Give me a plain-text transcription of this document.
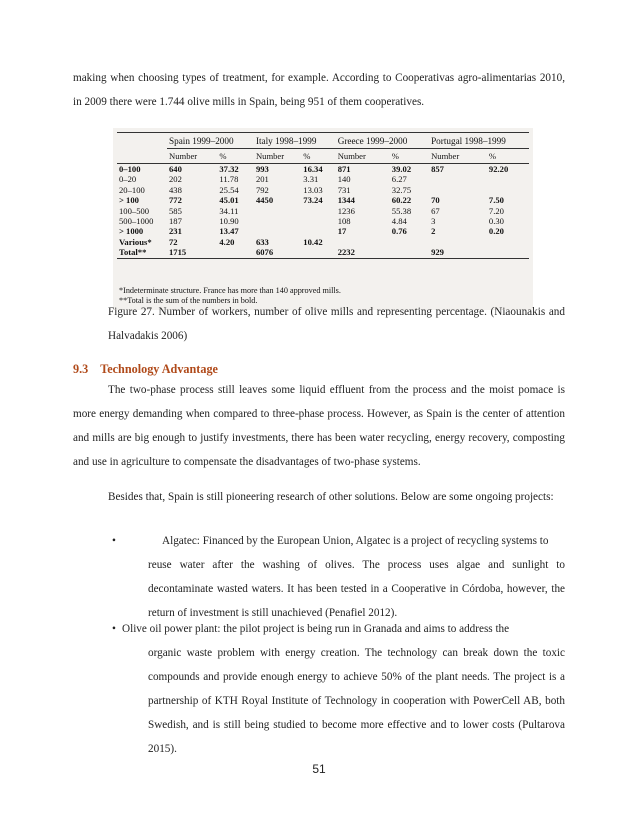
making when choosing types of treatment, for example. According to Cooperativas agro-alimentarias 2010, in 2009 there were 1.744 olive mills in Spain, being 951 of them cooperatives.

	Spain 1999–2000		Italy 1998–1999		Greece 1999–2000		Portugal 1998–1999	
	Number	%	Number	%	Number	%	Number	%
0–100	640	37.32	993	16.34	871	39.02	857	92.20
0–20	202	11.78	201	3.31	140	6.27		
20–100	438	25.54	792	13.03	731	32.75		
> 100	772	45.01	4450	73.24	1344	60.22	70	7.50
100–500	585	34.11			1236	55.38	67	7.20
500–1000	187	10.90			108	4.84	3	0.30
> 1000	231	13.47			17	0.76	2	0.20
Various*	72	4.20	633	10.42				
Total**	1715		6076		2232		929	
*Indeterminate structure. France has more than 140 approved mills.
**Total is the sum of the numbers in bold.

Figure 27. Number of workers, number of olive mills and representing percentage. (Niaounakis and Halvadakis 2006)

9.3 Technology Advantage

The two-phase process still leaves some liquid effluent from the process and the moist pomace is more energy demanding when compared to three-phase process. However, as Spain is the center of attention and mills are big enough to justify investments, there has been water recycling, energy recovery, composting and use in agriculture to compensate the disadvantages of two-phase systems.

Besides that, Spain is still pioneering research of other solutions. Below are some ongoing projects:

•	Algatec: Financed by the European Union, Algatec is a project of recycling systems to
reuse water after the washing of olives. The process uses algae and sunlight to decontaminate wasted waters. It has been tested in a Cooperative in Córdoba, however, the return of investment is still unachieved (Penafiel 2012).
• Olive oil power plant: the pilot project is being run in Granada and aims to address the
organic waste problem with energy creation. The technology can break down the toxic compounds and provide enough energy to achieve 50% of the plant needs. The project is a partnership of KTH Royal Institute of Technology in cooperation with PowerCell AB, both Swedish, and is still being studied to become more effective and to lower costs (Pultarova 2015).
51
